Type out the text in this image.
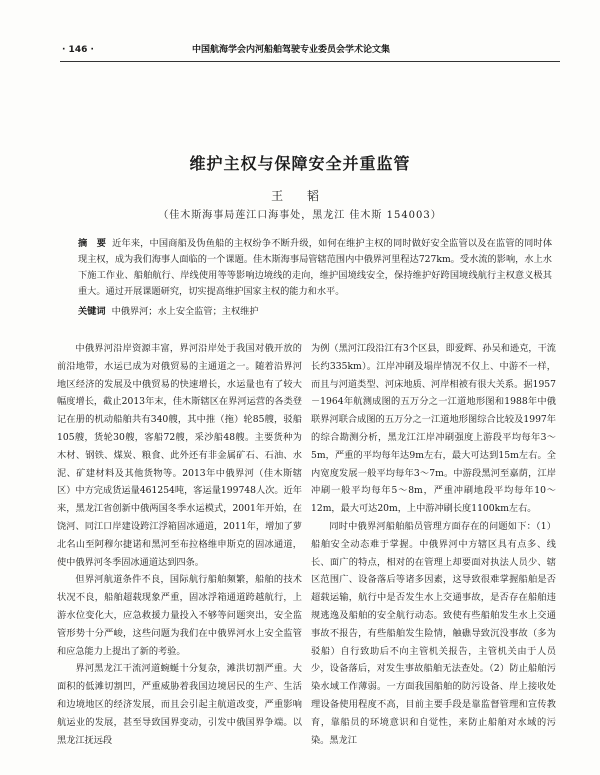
· 146 ·	中国航海学会内河船舶驾驶专业委员会学术论文集
维护主权与保障安全并重监管
王 韬
（佳木斯海事局莲江口海事处，黑龙江 佳木斯 154003）
摘　要 近年来，中国商船及伪鱼船的主权纷争不断升级，如何在维护主权的同时做好安全监管以及在监管的同时体现主权，成为我们海事人面临的一个课题。佳木斯海事局管辖范围内中俄界河里程达727km。受水流的影响，水上水下施工作业、船舶航行、岸线使用等等影响边境线的走向，维护国境线安全，保持维护好跨国境线航行主权意义极其重大。通过开展课题研究，切实提高维护国家主权的能力和水平。
关键词 中俄界河；水上安全监管；主权维护

中俄界河沿岸资源丰富，界河沿岸处于我国对俄开放的前沿地带，水运已成为对俄贸易的主通道之一。随着沿界河地区经济的发展及中俄贸易的快速增长，水运量也有了较大幅度增长，截止2013年末，佳木斯辖区在界河运营的各类登记在册的机动船舶共有340艘，其中推（拖）轮85艘，驳船105艘，货轮30艘，客船72艘，采沙船48艘。主要货种为木材、钢铁、煤炭、粮食、此外还有非金属矿石、石油、水泥、矿建材料及其他货物等。2013年中俄界河（佳木斯辖区）中方完成货运量461254吨，客运量199748人次。近年来，黑龙江省创新中俄两国冬季水运模式，2001年开始，在饶河、同江口岸建设跨江浮箱固冰通道，2011年，增加了萝北名山至阿穆尔捷诺和黑河至布拉格维申斯克的固冰通道，使中俄界河冬季固冰通道达到四条。

但界河航道条件不良，国际航行船舶频繁，船舶的技术状况不良，船舶超载现象严重，固冰浮箱通道跨越航行，上游水位变化大，应急救援力量投入不够等问题突出，安全监管形势十分严峻，这些问题为我们在中俄界河水上安全监管和应急能力上提出了新的考验。

界河黑龙江干流河道蜿蜒十分复杂，滩洪切割严重。大面积的低滩切割凹，严重威胁着我国边境居民的生产、生活和边境地区的经济发展，而且会引起主航道改变，严重影响航运业的发展，甚至导致国界变动，引发中俄国界争端。以黑龙江抚远段

为例（黑河江段沿江有3个区县，即爱辉、孙吴和逊克，干流长约335km）。江岸冲刷及塌岸情况不仅上、中游不一样，而且与河道类型、河床地质、河岸相被有很大关系。据1957－1964年航测成图的五万分之一江道地形图和1988年中俄联界河联合成图的五万分之一江道地形图综合比较及1997年的综合勘测分析，黑龙江江岸冲刷强度上游段平均每年3～5m，严重的平均每年达9m左右，最大可达到15m左右。全内宽度发展一般平均每年3～7m。中游段黑河至嘉荫，江岸冲刷一般平均每年5～8m，严重冲刷地段平均每年10～12m，最大可达20m，上中游冲刷长度1100km左右。

同时中俄界河船舶船员管理方面存在的问题如下：（1）船舶安全动态难于掌握。中俄界河中方辖区具有点多、线长、面广的特点，相对的在管理上却要面对执法人员少、辖区范围广、设备落后等诸多因素，这导致很难掌握船舶是否超载运输，航行中是否发生水上交通事故，是否存在船舶违规逃逸及船舶的安全航行动态。致使有些船舶发生水上交通事故不报告，有些船舶发生险情，触礁导致沉没事故（多为驳船）自行致助后不向主管机关报告，主管机关由于人员少，设备落后，对发生事故船舶无法查处。（2）防止船舶污染水域工作薄弱。一方面我国船舶的防污设备、岸上接收处理设备使用程度不高，目前主要手段是靠监督管理和宣传教育，靠船员的环境意识和自觉性，来防止船舶对水域的污染。黑龙江
